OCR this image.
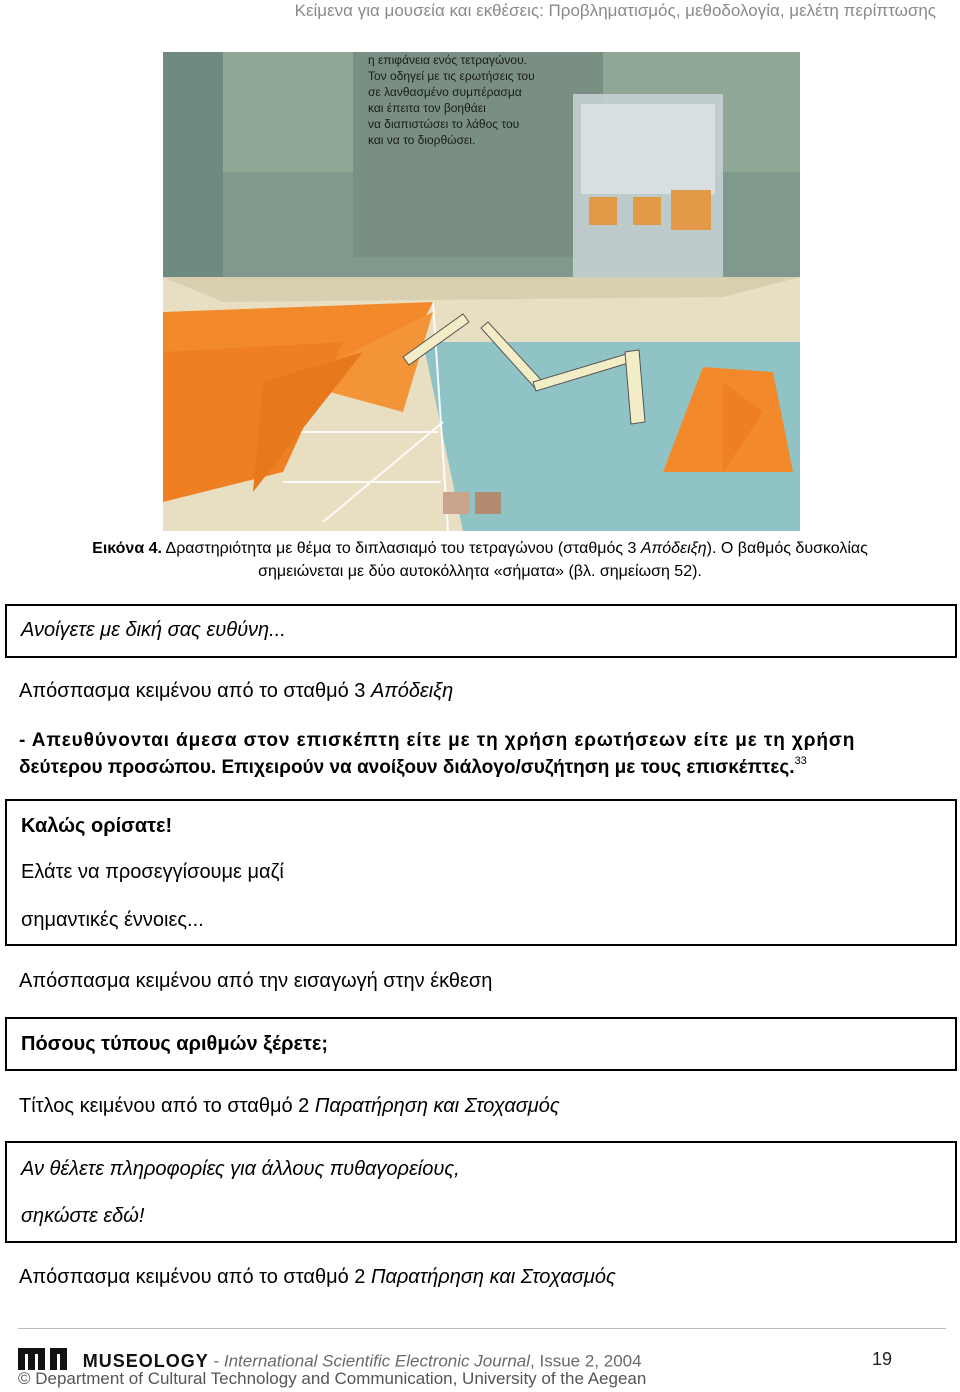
Κείμενα για μουσεία και εκθέσεις: Προβληματισμός, μεθοδολογία, μελέτη περίπτωσης
η επιφάνεια ενός τετραγώνου.
Τον οδηγεί με τις ερωτήσεις του
σε λανθασμένο συμπέρασμα
και έπειτα τον βοηθάει
να διαπιστώσει το λάθος του
και να το διορθώσει.
Εικόνα 4. Δραστηριότητα με θέμα το διπλασιαμό του τετραγώνου (σταθμός 3 Απόδειξη). Ο βαθμός δυσκολίας
σημειώνεται με δύο αυτοκόλλητα «σήματα» (βλ. σημείωση 52).
Ανοίγετε με δική σας ευθύνη...
Απόσπασμα κειμένου από το σταθμό 3 Απόδειξη
- Απευθύνονται άμεσα στον επισκέπτη είτε με τη χρήση ερωτήσεων είτε με τη χρήση
δεύτερου προσώπου. Επιχειρούν να ανοίξουν διάλογο/συζήτηση με τους επισκέπτες.$^{33}$
Καλώς ορίσατε!
Ελάτε να προσεγγίσουμε μαζί
σημαντικές έννοιες...
Απόσπασμα κειμένου από την εισαγωγή στην έκθεση
Πόσους τύπους αριθμών ξέρετε;
Τίτλος κειμένου από το σταθμό 2 Παρατήρηση και Στοχασμός
Αν θέλετε πληροφορίες για άλλους πυθαγορείους,
σηκώστε εδώ!
Απόσπασμα κειμένου από το σταθμό 2 Παρατήρηση και Στοχασμός
MUSEOLOGY - International Scientific Electronic Journal, Issue 2, 2004	19
© Department of Cultural Technology and Communication, University of the Aegean
